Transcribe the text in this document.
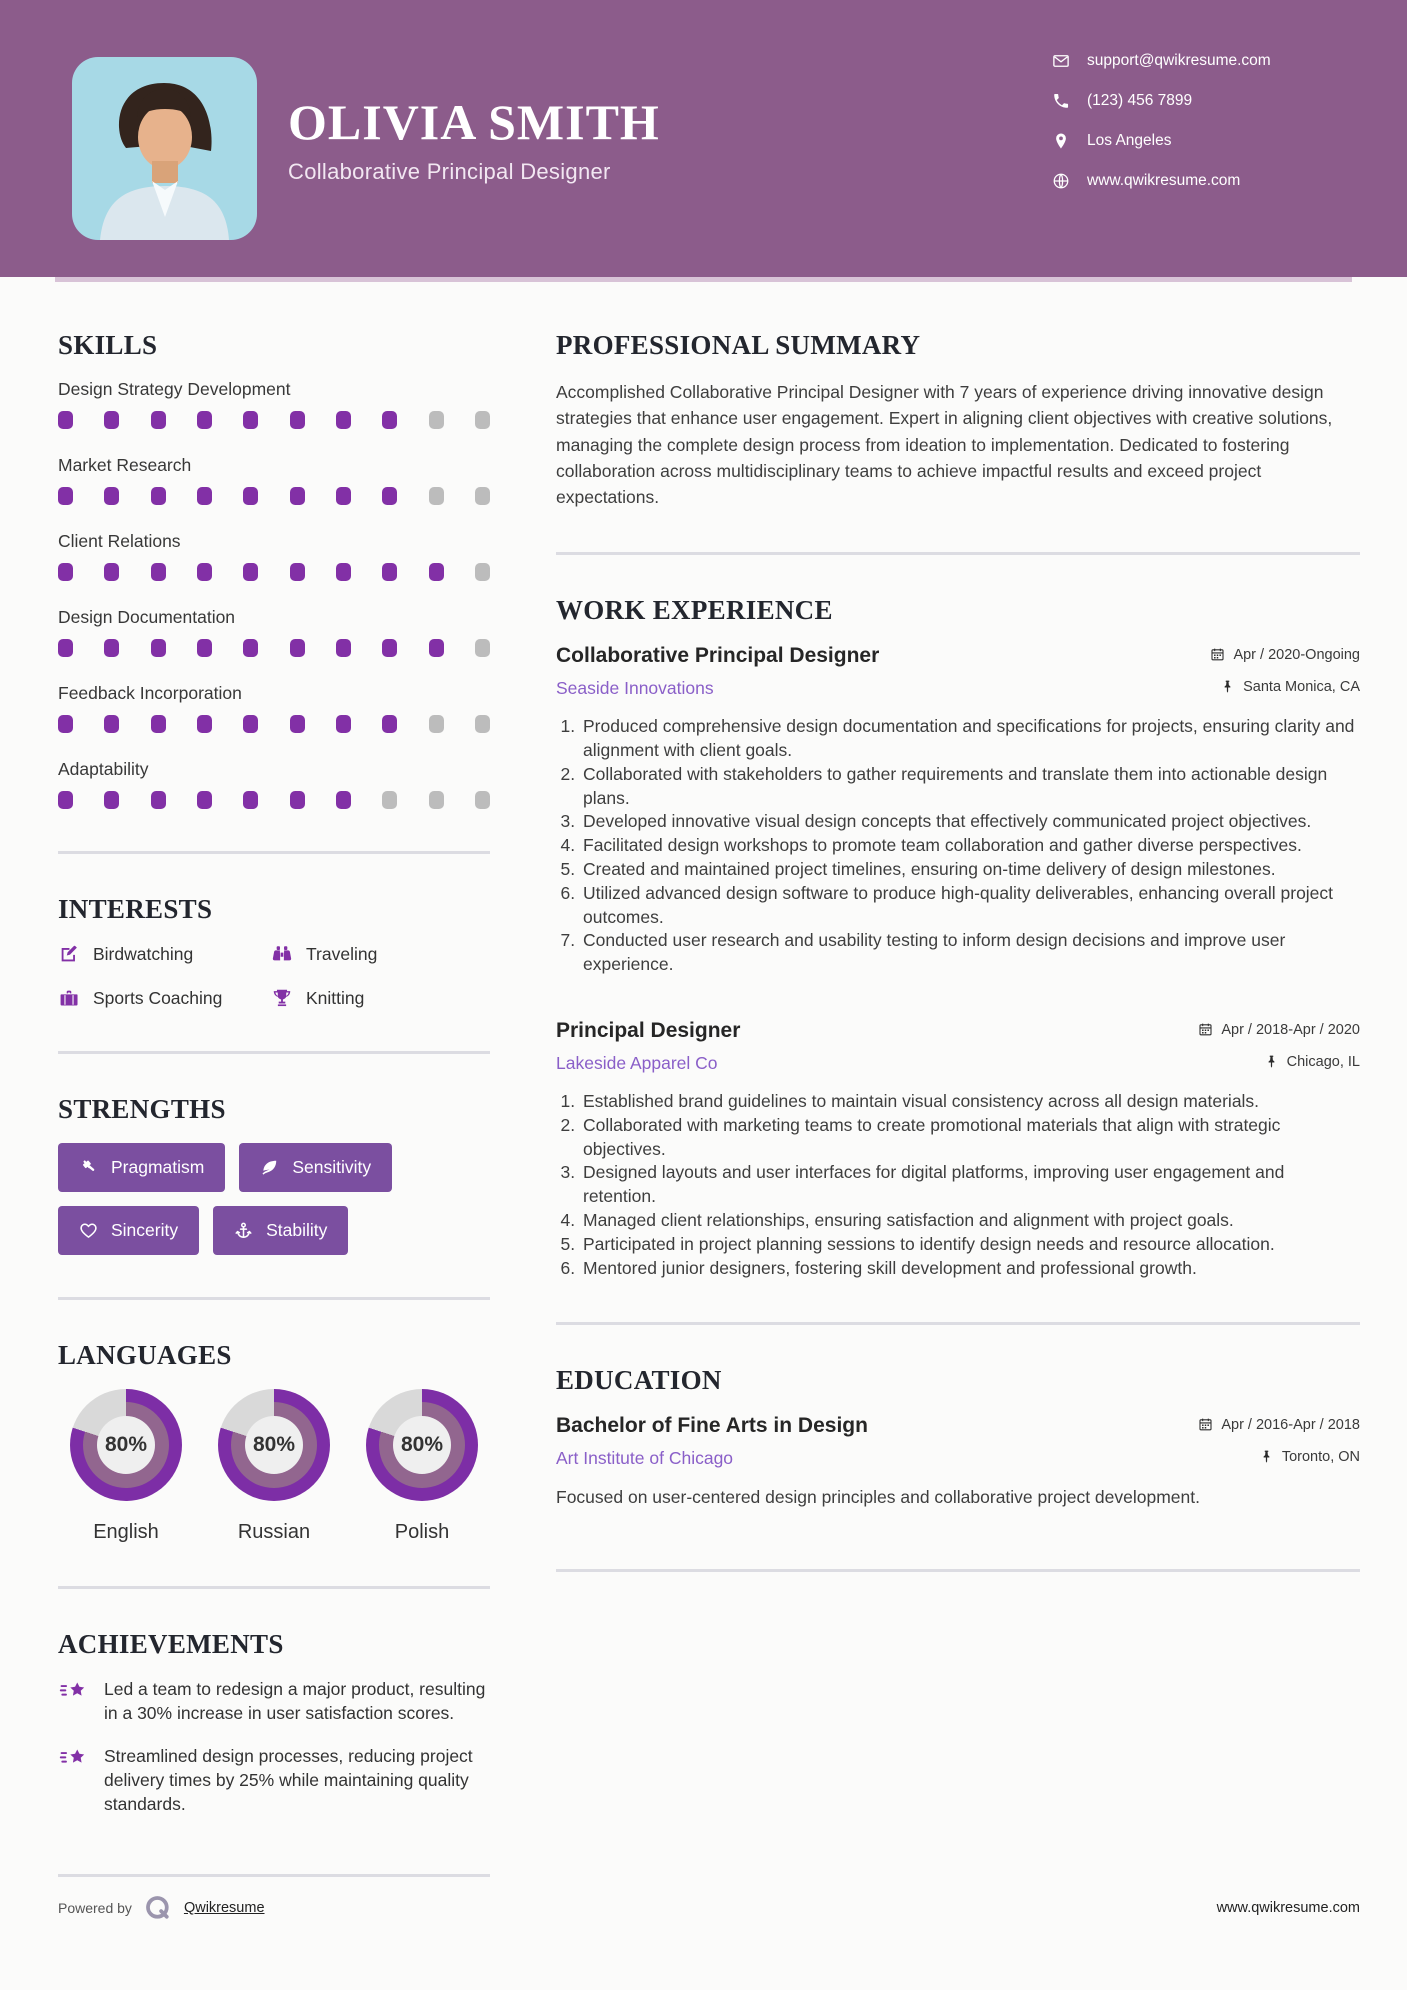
OLIVIA SMITH
Collaborative Principal Designer
support@qwikresume.com
(123) 456 7899
Los Angeles
www.qwikresume.com
SKILLS
Design Strategy Development
Market Research
Client Relations
Design Documentation
Feedback Incorporation
Adaptability
INTERESTS
Birdwatching	Traveling
Sports Coaching	Knitting
STRENGTHS
Pragmatism	Sensitivity
Sincerity	Stability
LANGUAGES
80%
English
80%
Russian
80%
Polish
ACHIEVEMENTS
Led a team to redesign a major product, resulting in a 30% increase in user satisfaction scores.
Streamlined design processes, reducing project delivery times by 25% while maintaining quality standards.
PROFESSIONAL SUMMARY

Accomplished Collaborative Principal Designer with 7 years of experience driving innovative design strategies that enhance user engagement. Expert in aligning client objectives with creative solutions, managing the complete design process from ideation to implementation. Dedicated to fostering collaboration across multidisciplinary teams to achieve impactful results and exceed project expectations.

WORK EXPERIENCE
Collaborative Principal Designer	Apr / 2020-Ongoing
Seaside Innovations	Santa Monica, CA
1. Produced comprehensive design documentation and specifications for projects, ensuring clarity and alignment with client goals.
2. Collaborated with stakeholders to gather requirements and translate them into actionable design plans.
3. Developed innovative visual design concepts that effectively communicated project objectives.
4. Facilitated design workshops to promote team collaboration and gather diverse perspectives.
5. Created and maintained project timelines, ensuring on-time delivery of design milestones.
6. Utilized advanced design software to produce high-quality deliverables, enhancing overall project outcomes.
7. Conducted user research and usability testing to inform design decisions and improve user experience.
Principal Designer	Apr / 2018-Apr / 2020
Lakeside Apparel Co	Chicago, IL
1. Established brand guidelines to maintain visual consistency across all design materials.
2. Collaborated with marketing teams to create promotional materials that align with strategic objectives.
3. Designed layouts and user interfaces for digital platforms, improving user engagement and retention.
4. Managed client relationships, ensuring satisfaction and alignment with project goals.
5. Participated in project planning sessions to identify design needs and resource allocation.
6. Mentored junior designers, fostering skill development and professional growth.
EDUCATION
Bachelor of Fine Arts in Design	Apr / 2016-Apr / 2018
Art Institute of Chicago	Toronto, ON

Focused on user-centered design principles and collaborative project development.

Powered by	Qwikresume	www.qwikresume.com
